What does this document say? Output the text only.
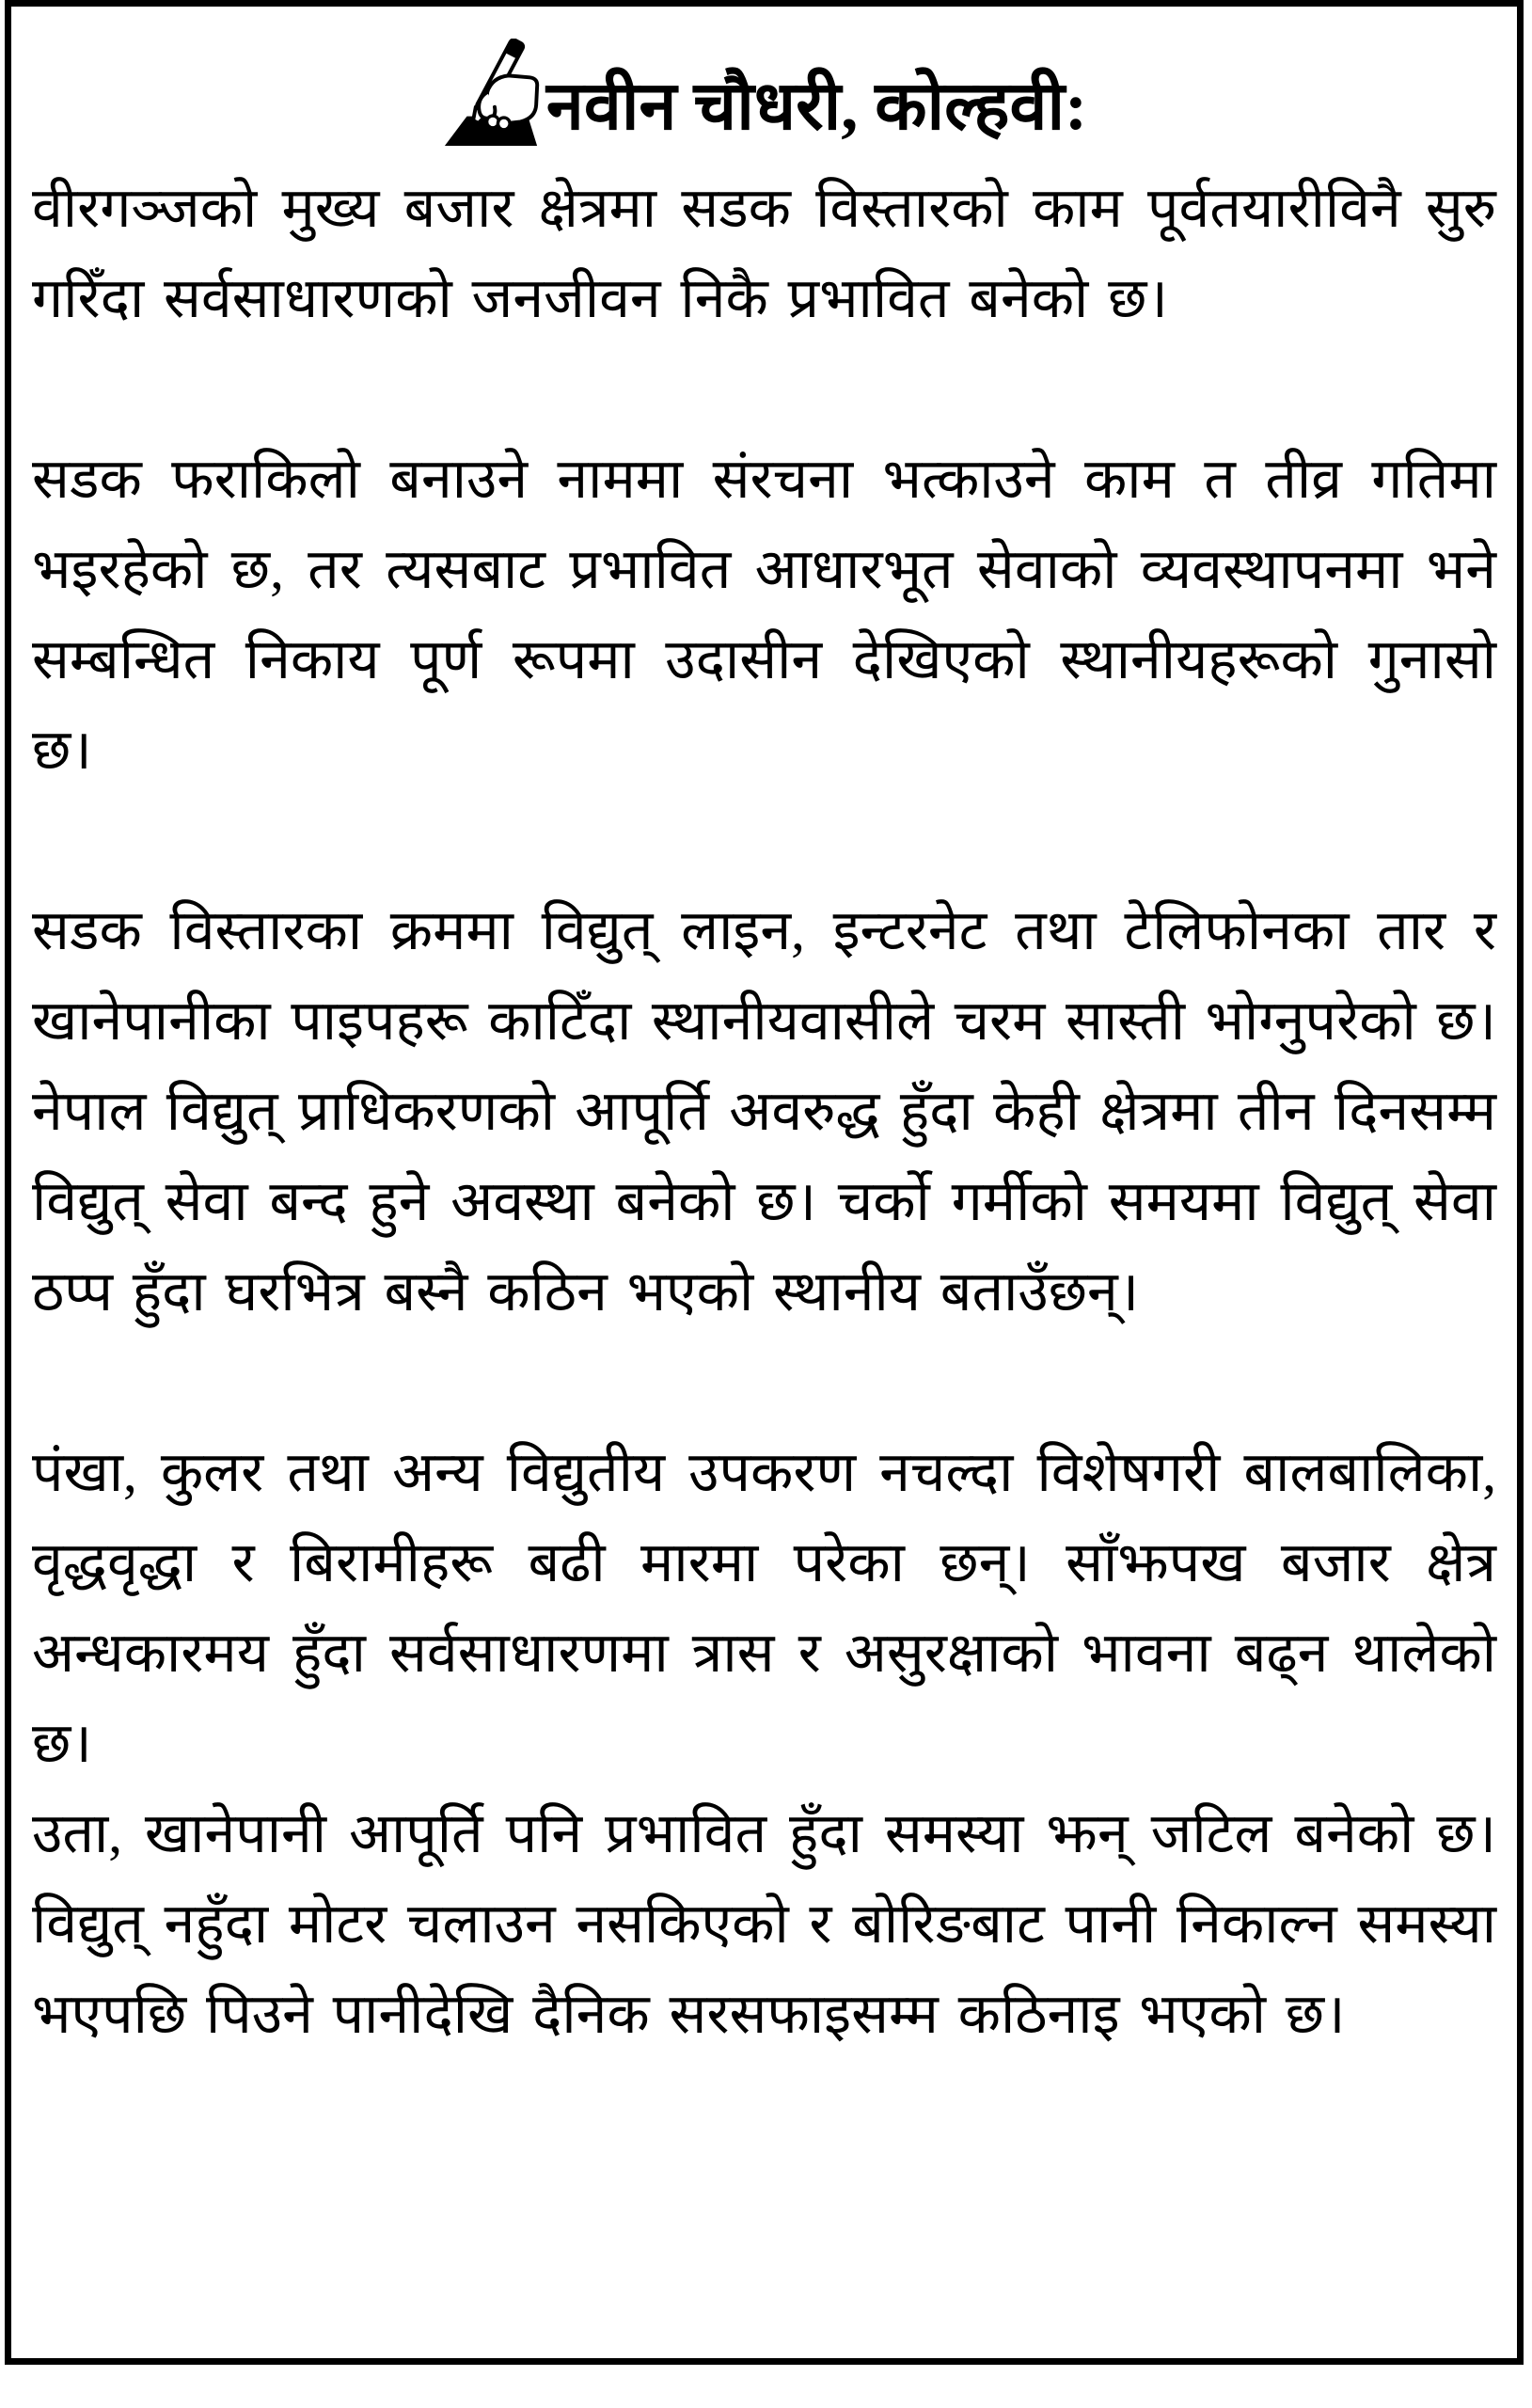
नवीन चौधरी, कोल्हवी:

वीरगञ्जको मुख्य बजार क्षेत्रमा सडक विस्तारको काम पूर्वतयारीविनै सुरु गरिँदा सर्वसाधारणको जनजीवन निकै प्रभावित बनेको छ।

सडक फराकिलो बनाउने नाममा संरचना भत्काउने काम त तीव्र गतिमा भइरहेको छ, तर त्यसबाट प्रभावित आधारभूत सेवाको व्यवस्थापनमा भने सम्बन्धित निकाय पूर्ण रूपमा उदासीन देखिएको स्थानीयहरूको गुनासो छ।

सडक विस्तारका क्रममा विद्युत् लाइन, इन्टरनेट तथा टेलिफोनका तार र खानेपानीका पाइपहरू काटिँदा स्थानीयवासीले चरम सास्ती भोग्नुपरेको छ। नेपाल विद्युत् प्राधिकरणको आपूर्ति अवरुद्ध हुँदा केही क्षेत्रमा तीन दिनसम्म विद्युत् सेवा बन्द हुने अवस्था बनेको छ। चर्को गर्मीको समयमा विद्युत् सेवा ठप्प हुँदा घरभित्र बस्नै कठिन भएको स्थानीय बताउँछन्।

पंखा, कुलर तथा अन्य विद्युतीय उपकरण नचल्दा विशेषगरी बालबालिका, वृद्धवृद्धा र बिरामीहरू बढी मारमा परेका छन्। साँझपख बजार क्षेत्र अन्धकारमय हुँदा सर्वसाधारणमा त्रास र असुरक्षाको भावना बढ्न थालेको छ।

उता, खानेपानी आपूर्ति पनि प्रभावित हुँदा समस्या झन् जटिल बनेको छ। विद्युत् नहुँदा मोटर चलाउन नसकिएको र बोरिङबाट पानी निकाल्न समस्या भएपछि पिउने पानीदेखि दैनिक सरसफाइसम्म कठिनाइ भएको छ।
